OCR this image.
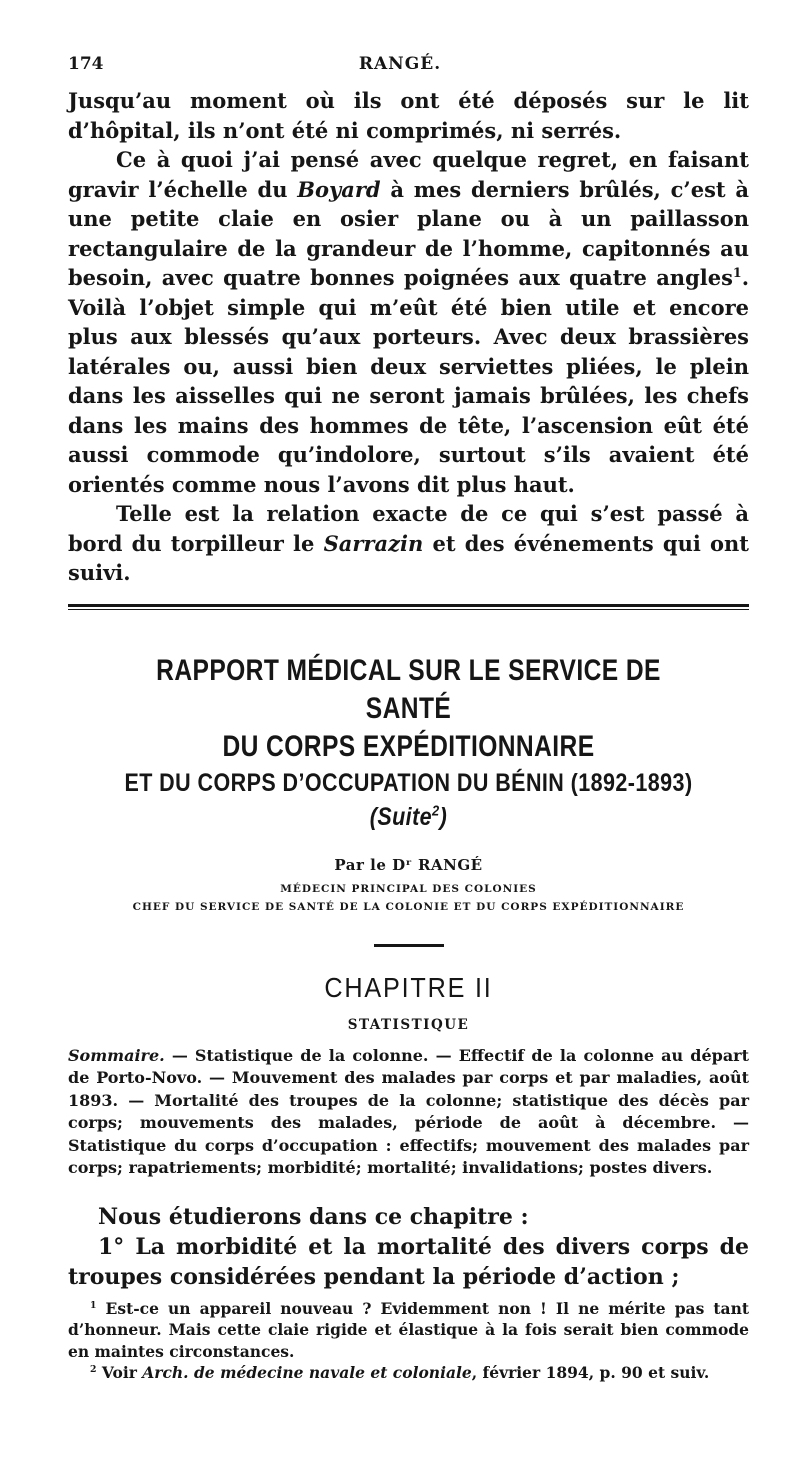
174	RANGÉ.

Jusqu’au moment où ils ont été déposés sur le lit d’hôpital, ils n’ont été ni comprimés, ni serrés.

Ce à quoi j’ai pensé avec quelque regret, en faisant gravir l’échelle du Boyard à mes derniers brûlés, c’est à une petite claie en osier plane ou à un paillasson rectangulaire de la grandeur de l’homme, capitonnés au besoin, avec quatre bonnes poignées aux quatre angles$^1$. Voilà l’objet simple qui m’eût été bien utile et encore plus aux blessés qu’aux porteurs. Avec deux brassières latérales ou, aussi bien deux serviettes pliées, le plein dans les aisselles qui ne seront jamais brûlées, les chefs dans les mains des hommes de tête, l’ascension eût été aussi commode qu’indolore, surtout s’ils avaient été orientés comme nous l’avons dit plus haut.

Telle est la relation exacte de ce qui s’est passé à bord du torpilleur le Sarrazin et des événements qui ont suivi.

RAPPORT MÉDICAL SUR LE SERVICE DE SANTÉ
DU CORPS EXPÉDITIONNAIRE
ET DU CORPS D’OCCUPATION DU BÉNIN (1892-1893) (Suite$^2$)
Par le Dʳ RANGÉ
MÉDECIN PRINCIPAL DES COLONIES
CHEF DU SERVICE DE SANTÉ DE LA COLONIE ET DU CORPS EXPÉDITIONNAIRE
CHAPITRE II
STATISTIQUE

Sommaire. — Statistique de la colonne. — Effectif de la colonne au départ de Porto-Novo. — Mouvement des malades par corps et par maladies, août 1893. — Mortalité des troupes de la colonne; statistique des décès par corps; mouvements des malades, période de août à décembre. — Statistique du corps d’occupation : effectifs; mouvement des malades par corps; rapatriements; morbidité; mortalité; invalidations; postes divers.

Nous étudierons dans ce chapitre :

1° La morbidité et la mortalité des divers corps de troupes considérées pendant la période d’action ;

$^1$ Est-ce un appareil nouveau ? Evidemment non ! Il ne mérite pas tant d’honneur. Mais cette claie rigide et élastique à la fois serait bien commode en maintes circonstances.

$^2$ Voir Arch. de médecine navale et coloniale, février 1894, p. 90 et suiv.
